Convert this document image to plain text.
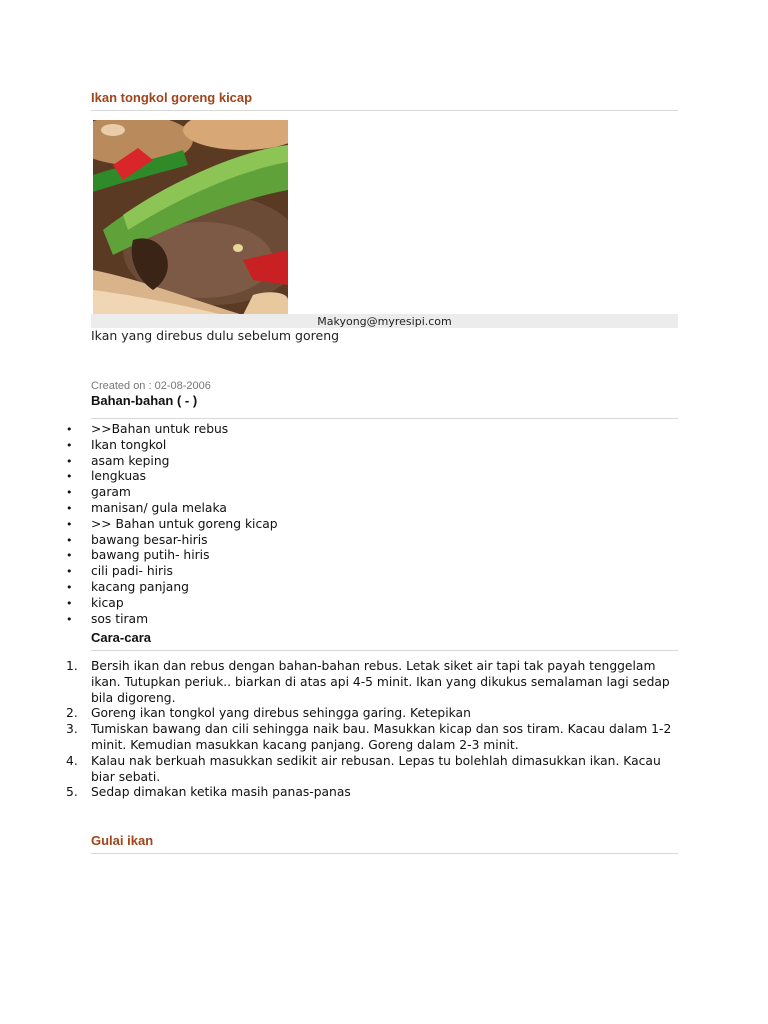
Ikan tongkol goreng kicap
Makyong@myresipi.com
Ikan yang direbus dulu sebelum goreng
Created on : 02-08-2006
Bahan-bahan ( - )
• >>Bahan untuk rebus
• Ikan tongkol
• asam keping
• lengkuas
• garam
• manisan/ gula melaka
• >> Bahan untuk goreng kicap
• bawang besar-hiris
• bawang putih- hiris
• cili padi- hiris
• kacang panjang
• kicap
• sos tiram
Cara-cara
1. Bersih ikan dan rebus dengan bahan-bahan rebus. Letak siket air tapi tak payah tenggelam ikan. Tutupkan periuk.. biarkan di atas api 4-5 minit. Ikan yang dikukus semalaman lagi sedap bila digoreng.
2. Goreng ikan tongkol yang direbus sehingga garing. Ketepikan
3. Tumiskan bawang dan cili sehingga naik bau. Masukkan kicap dan sos tiram. Kacau dalam 1-2 minit. Kemudian masukkan kacang panjang. Goreng dalam 2-3 minit.
4. Kalau nak berkuah masukkan sedikit air rebusan. Lepas tu bolehlah dimasukkan ikan. Kacau biar sebati.
5. Sedap dimakan ketika masih panas-panas
Gulai ikan
